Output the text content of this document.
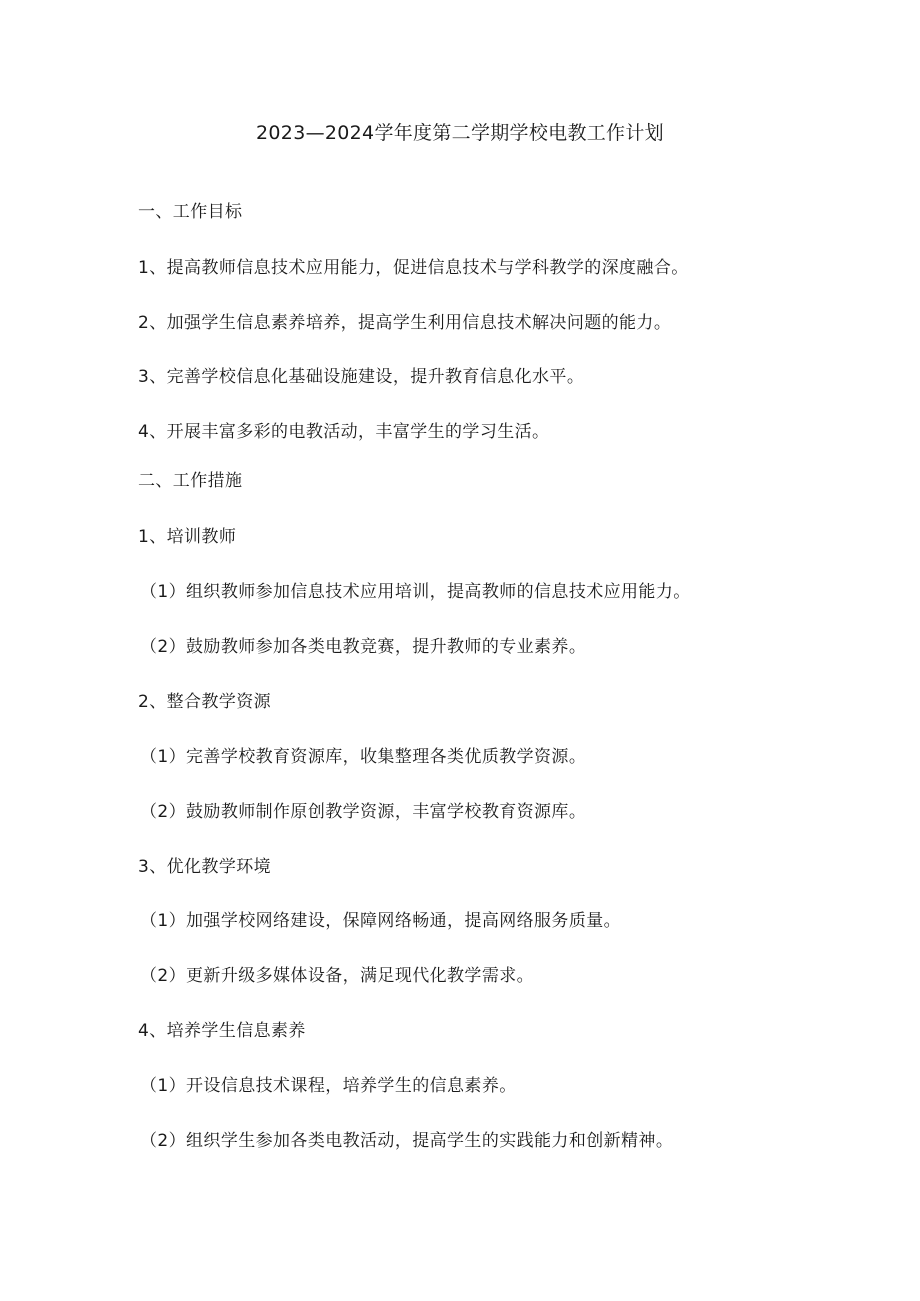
2023—2024学年度第二学期学校电教工作计划
一、工作目标
1、提高教师信息技术应用能力，促进信息技术与学科教学的深度融合。
2、加强学生信息素养培养，提高学生利用信息技术解决问题的能力。
3、完善学校信息化基础设施建设，提升教育信息化水平。
4、开展丰富多彩的电教活动，丰富学生的学习生活。
二、工作措施
1、培训教师
（1）组织教师参加信息技术应用培训，提高教师的信息技术应用能力。
（2）鼓励教师参加各类电教竞赛，提升教师的专业素养。
2、整合教学资源
（1）完善学校教育资源库，收集整理各类优质教学资源。
（2）鼓励教师制作原创教学资源，丰富学校教育资源库。
3、优化教学环境
（1）加强学校网络建设，保障网络畅通，提高网络服务质量。
（2）更新升级多媒体设备，满足现代化教学需求。
4、培养学生信息素养
（1）开设信息技术课程，培养学生的信息素养。
（2）组织学生参加各类电教活动，提高学生的实践能力和创新精神。
